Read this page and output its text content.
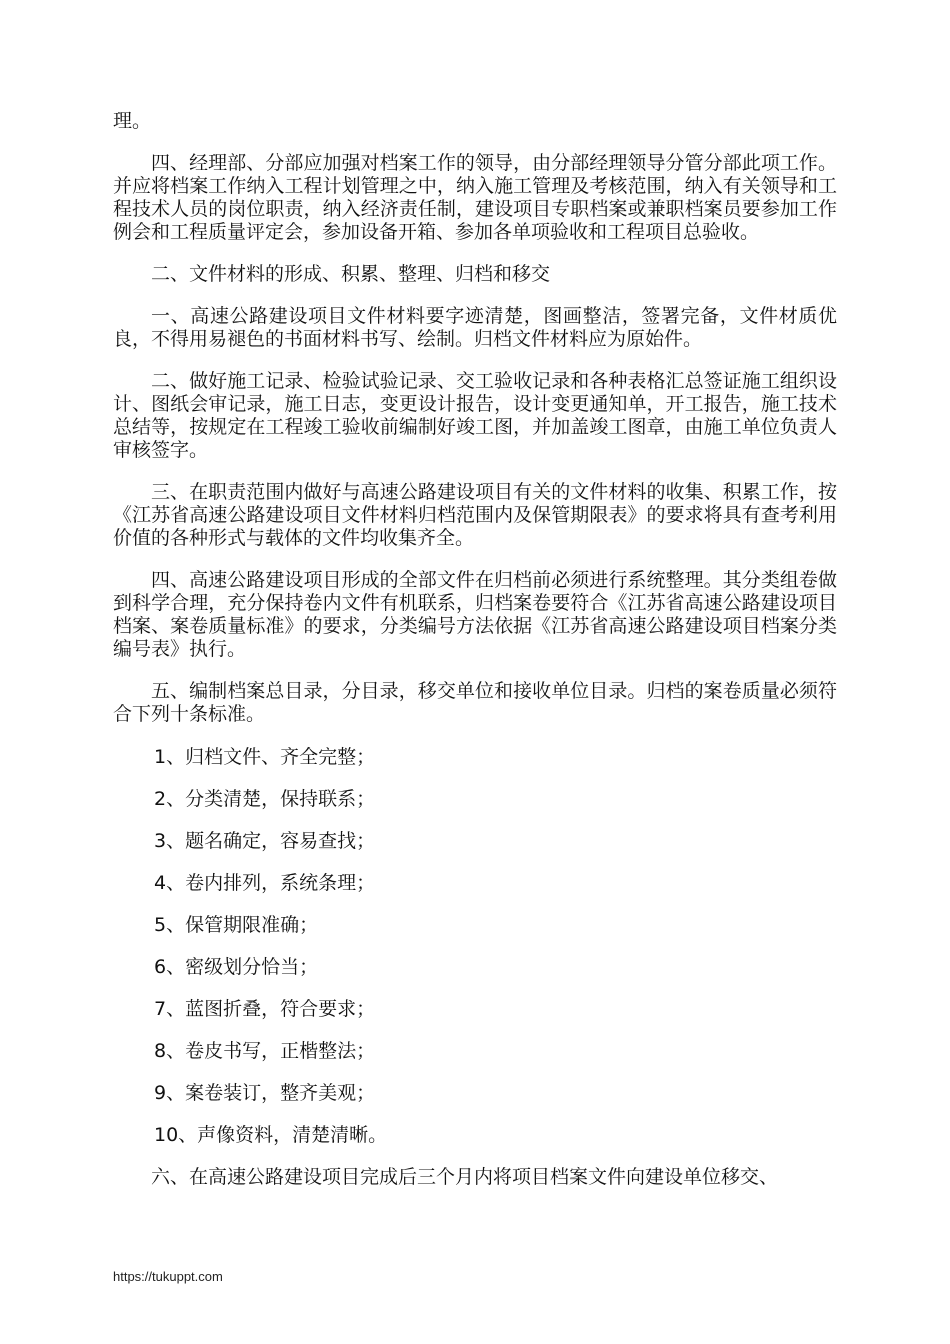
理。

四、经理部、分部应加强对档案工作的领导，由分部经理领导分管分部此项工作。并应将档案工作纳入工程计划管理之中，纳入施工管理及考核范围，纳入有关领导和工程技术人员的岗位职责，纳入经济责任制，建设项目专职档案或兼职档案员要参加工作例会和工程质量评定会，参加设备开箱、参加各单项验收和工程项目总验收。

二、文件材料的形成、积累、整理、归档和移交

一、高速公路建设项目文件材料要字迹清楚，图画整洁，签署完备，文件材质优良，不得用易褪色的书面材料书写、绘制。归档文件材料应为原始件。

二、做好施工记录、检验试验记录、交工验收记录和各种表格汇总签证施工组织设计、图纸会审记录，施工日志，变更设计报告，设计变更通知单，开工报告，施工技术总结等，按规定在工程竣工验收前编制好竣工图，并加盖竣工图章，由施工单位负责人审核签字。

三、在职责范围内做好与高速公路建设项目有关的文件材料的收集、积累工作，按《江苏省高速公路建设项目文件材料归档范围内及保管期限表》的要求将具有查考利用价值的各种形式与载体的文件均收集齐全。

四、高速公路建设项目形成的全部文件在归档前必须进行系统整理。其分类组卷做到科学合理，充分保持卷内文件有机联系，归档案卷要符合《江苏省高速公路建设项目档案、案卷质量标准》的要求，分类编号方法依据《江苏省高速公路建设项目档案分类编号表》执行。

五、编制档案总目录，分目录，移交单位和接收单位目录。归档的案卷质量必须符合下列十条标准。

1、归档文件、齐全完整；

2、分类清楚，保持联系；

3、题名确定，容易查找；

4、卷内排列，系统条理；

5、保管期限准确；

6、密级划分恰当；

7、蓝图折叠，符合要求；

8、卷皮书写，正楷整法；

9、案卷装订，整齐美观；

10、声像资料，清楚清晰。

六、在高速公路建设项目完成后三个月内将项目档案文件向建设单位移交、

https://tukuppt.com
